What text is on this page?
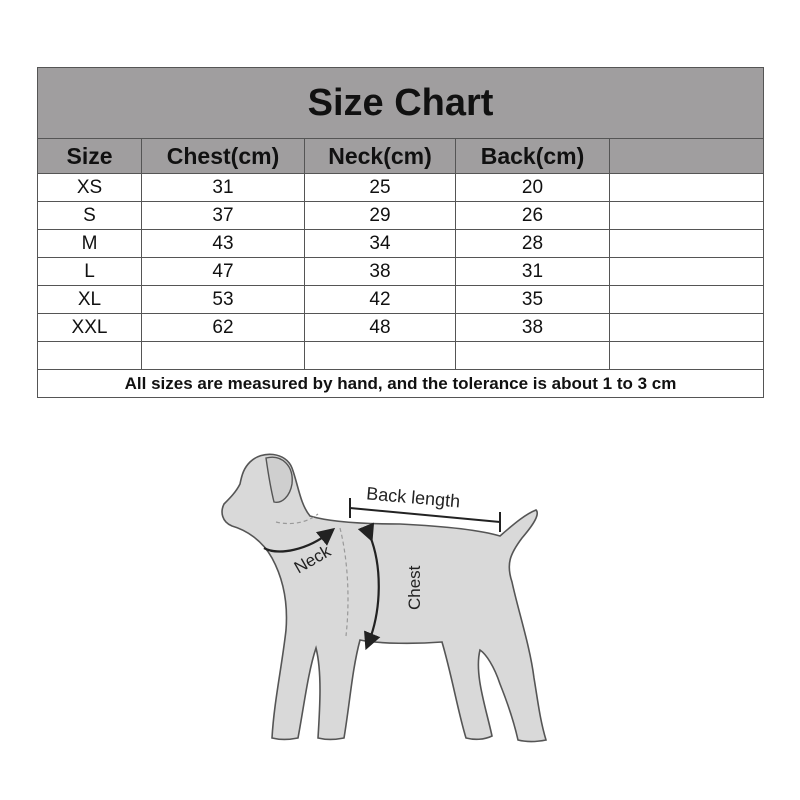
Size Chart				
Size	Chest(cm)	Neck(cm)	Back(cm)	
XS	31	25	20	
S	37	29	26	
M	43	34	28	
L	47	38	31	
XL	53	42	35	
XXL	62	48	38	

All sizes are measured by hand, and the tolerance is about 1 to 3 cm				
Back length
Neck
Chest
